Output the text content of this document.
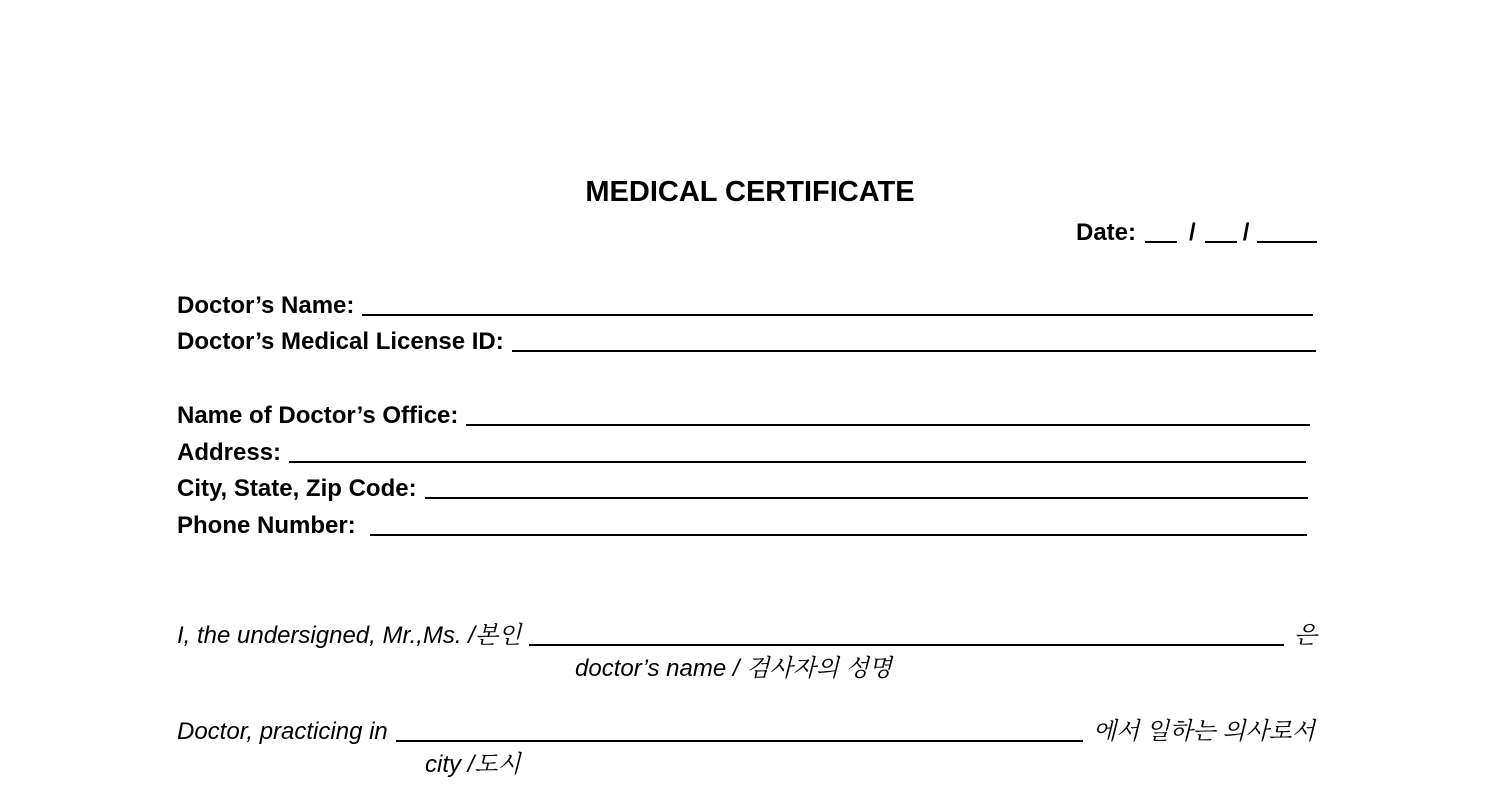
MEDICAL CERTIFICATE
Date: / /
Doctor’s Name:
Doctor’s Medical License ID:
Name of Doctor’s Office:
Address:
City, State, Zip Code:
Phone Number:
I, the undersigned, Mr.,Ms. /본인	은
doctor’s name / 검사자의 성명
Doctor, practicing in	에서 일하는 의사로서
city /도시
